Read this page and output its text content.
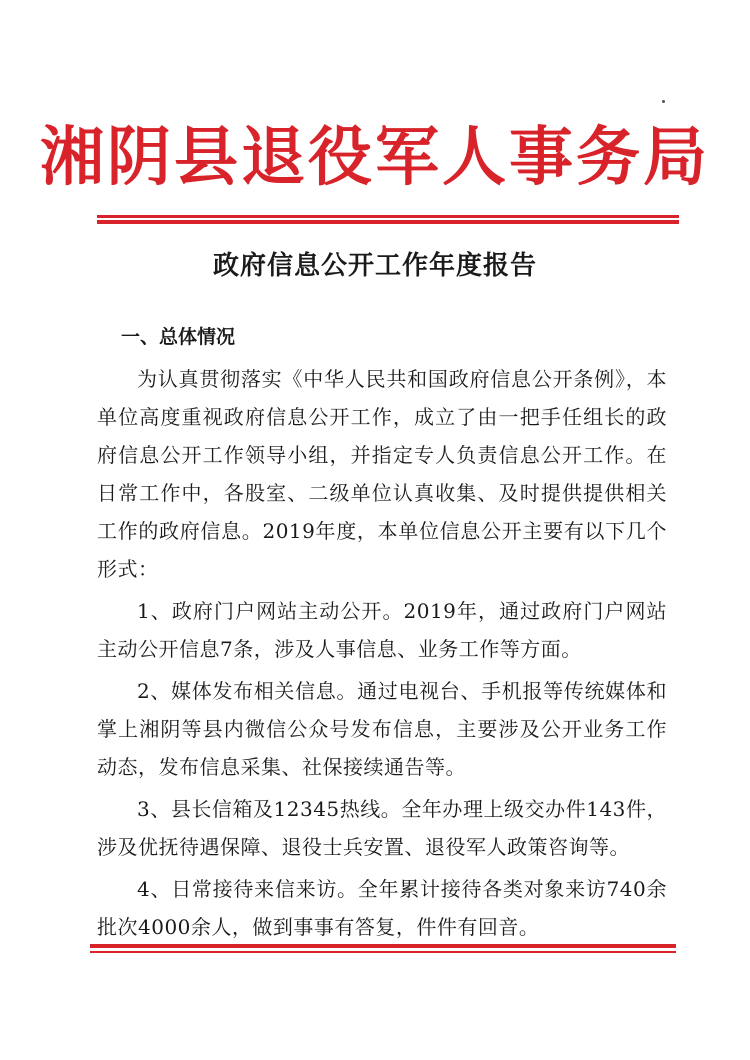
湘阴县退役军人事务局
政府信息公开工作年度报告

一、总体情况

为认真贯彻落实《中华人民共和国政府信息公开条例》，本单位高度重视政府信息公开工作，成立了由一把手任组长的政府信息公开工作领导小组，并指定专人负责信息公开工作。在日常工作中，各股室、二级单位认真收集、及时提供提供相关工作的政府信息。2019年度，本单位信息公开主要有以下几个形式：

1、政府门户网站主动公开。2019年，通过政府门户网站主动公开信息7条，涉及人事信息、业务工作等方面。

2、媒体发布相关信息。通过电视台、手机报等传统媒体和掌上湘阴等县内微信公众号发布信息，主要涉及公开业务工作动态，发布信息采集、社保接续通告等。

3、县长信箱及12345热线。全年办理上级交办件143件，涉及优抚待遇保障、退役士兵安置、退役军人政策咨询等。

4、日常接待来信来访。全年累计接待各类对象来访740余批次4000余人，做到事事有答复，件件有回音。
